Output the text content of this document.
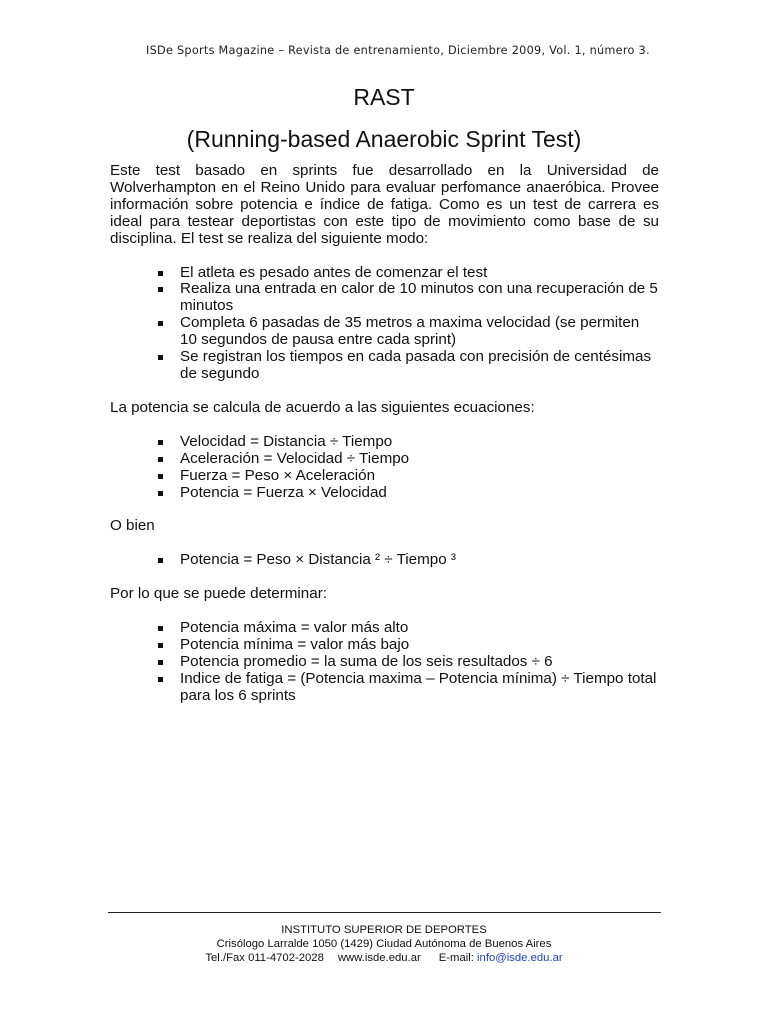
ISDe Sports Magazine – Revista de entrenamiento, Diciembre 2009, Vol. 1, número 3.
RAST
(Running-based Anaerobic Sprint Test)

Este test basado en sprints fue desarrollado en la Universidad de Wolverhampton en el Reino Unido para evaluar perfomance anaeróbica. Provee información sobre potencia e índice de fatiga. Como es un test de carrera es ideal para testear deportistas con este tipo de movimiento como base de su disciplina. El test se realiza del siguiente modo:

El atleta es pesado antes de comenzar el test
Realiza una entrada en calor de 10 minutos con una recuperación de 5 minutos
Completa 6 pasadas de 35 metros a maxima velocidad (se permiten 10 segundos de pausa entre cada sprint)
Se registran los tiempos en cada pasada con precisión de centésimas de segundo

La potencia se calcula de acuerdo a las siguientes ecuaciones:

Velocidad = Distancia ÷ Tiempo
Aceleración = Velocidad ÷ Tiempo
Fuerza = Peso × Aceleración
Potencia = Fuerza × Velocidad

O bien

Potencia = Peso × Distancia ² ÷ Tiempo ³

Por lo que se puede determinar:

Potencia máxima = valor más alto
Potencia mínima = valor más bajo
Potencia promedio = la suma de los seis resultados ÷ 6
Indice de fatiga = (Potencia maxima – Potencia mínima) ÷ Tiempo total para los 6 sprints
INSTITUTO SUPERIOR DE DEPORTES
Crisólogo Larralde 1050 (1429) Ciudad Autónoma de Buenos Aires
Tel./Fax 011-4702-2028 www.isde.edu.ar E-mail: info@isde.edu.ar
